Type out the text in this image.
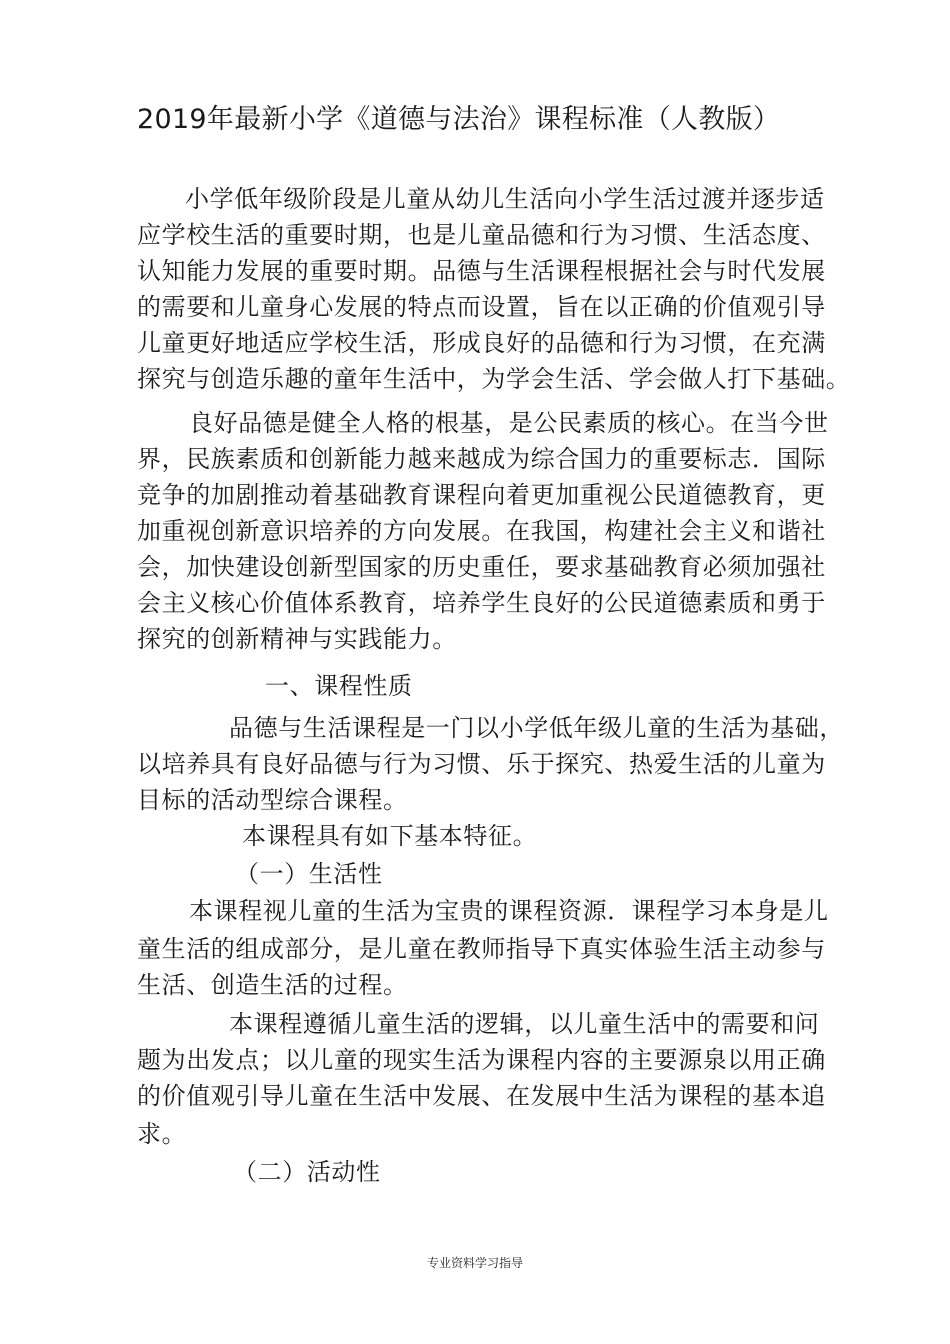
2019年最新小学《道德与法治》课程标准（人教版）
小学低年级阶段是儿童从幼儿生活向小学生活过渡并逐步适
应学校生活的重要时期，也是儿童品德和行为习惯、生活态度、
认知能力发展的重要时期。品德与生活课程根据社会与时代发展
的需要和儿童身心发展的特点而设置，旨在以正确的价值观引导
儿童更好地适应学校生活，形成良好的品德和行为习惯，在充满
探究与创造乐趣的童年生活中，为学会生活、学会做人打下基础。
良好品德是健全人格的根基，是公民素质的核心。在当今世
界，民族素质和创新能力越来越成为综合国力的重要标志．国际
竞争的加剧推动着基础教育课程向着更加重视公民道德教育，更
加重视创新意识培养的方向发展。在我国，构建社会主义和谐社
会，加快建设创新型国家的历史重任，要求基础教育必须加强社
会主义核心价值体系教育，培养学生良好的公民道德素质和勇于
探究的创新精神与实践能力。
一、课程性质
品德与生活课程是一门以小学低年级儿童的生活为基础，
以培养具有良好品德与行为习惯、乐于探究、热爱生活的儿童为
目标的活动型综合课程。
本课程具有如下基本特征。
（一）生活性
本课程视儿童的生活为宝贵的课程资源．课程学习本身是儿
童生活的组成部分，是儿童在教师指导下真实体验生活主动参与
生活、创造生活的过程。
本课程遵循儿童生活的逻辑，以儿童生活中的需要和问
题为出发点；以儿童的现实生活为课程内容的主要源泉以用正确
的价值观引导儿童在生活中发展、在发展中生活为课程的基本追
求。
（二）活动性
专业资料学习指导
